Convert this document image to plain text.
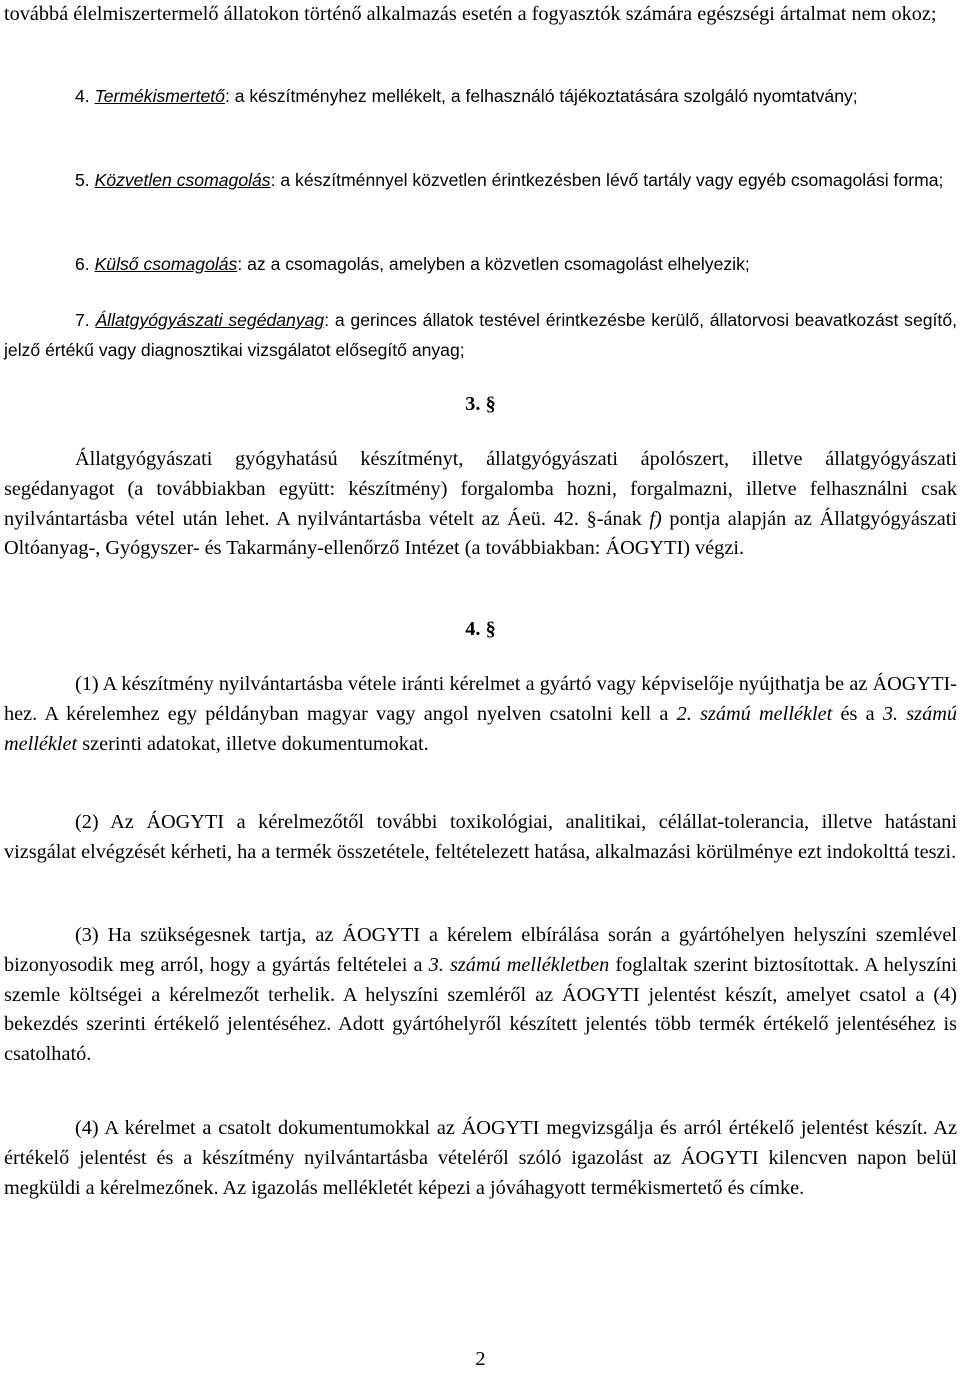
továbbá élelmiszertermelő állatokon történő alkalmazás esetén a fogyasztók számára egészségi ártalmat nem okoz;

4. Termékismertető: a készítményhez mellékelt, a felhasználó tájékoztatására szolgáló nyomtatvány;

5. Közvetlen csomagolás: a készítménnyel közvetlen érintkezésben lévő tartály vagy egyéb csomagolási forma;

6. Külső csomagolás: az a csomagolás, amelyben a közvetlen csomagolást elhelyezik;

7. Állatgyógyászati segédanyag: a gerinces állatok testével érintkezésbe kerülő, állatorvosi beavatkozást segítő, jelző értékű vagy diagnosztikai vizsgálatot elősegítő anyag;

3. §

Állatgyógyászati gyógyhatású készítményt, állatgyógyászati ápolószert, illetve állatgyógyászati segédanyagot (a továbbiakban együtt: készítmény) forgalomba hozni, forgalmazni, illetve felhasználni csak nyilvántartásba vétel után lehet. A nyilvántartásba vételt az Áeü. 42. §-ának f) pontja alapján az Állatgyógyászati Oltóanyag-, Gyógyszer- és Takarmány-ellenőrző Intézet (a továbbiakban: ÁOGYTI) végzi.

4. §

(1) A készítmény nyilvántartásba vétele iránti kérelmet a gyártó vagy képviselője nyújthatja be az ÁOGYTI-hez. A kérelemhez egy példányban magyar vagy angol nyelven csatolni kell a 2. számú melléklet és a 3. számú melléklet szerinti adatokat, illetve dokumentumokat.

(2) Az ÁOGYTI a kérelmezőtől további toxikológiai, analitikai, célállat-tolerancia, illetve hatástani vizsgálat elvégzését kérheti, ha a termék összetétele, feltételezett hatása, alkalmazási körülménye ezt indokolttá teszi.

(3) Ha szükségesnek tartja, az ÁOGYTI a kérelem elbírálása során a gyártóhelyen helyszíni szemlével bizonyosodik meg arról, hogy a gyártás feltételei a 3. számú mellékletben foglaltak szerint biztosítottak. A helyszíni szemle költségei a kérelmezőt terhelik. A helyszíni szemléről az ÁOGYTI jelentést készít, amelyet csatol a (4) bekezdés szerinti értékelő jelentéséhez. Adott gyártóhelyről készített jelentés több termék értékelő jelentéséhez is csatolható.

(4) A kérelmet a csatolt dokumentumokkal az ÁOGYTI megvizsgálja és arról értékelő jelentést készít. Az értékelő jelentést és a készítmény nyilvántartásba vételéről szóló igazolást az ÁOGYTI kilencven napon belül megküldi a kérelmezőnek. Az igazolás mellékletét képezi a jóváhagyott termékismertető és címke.

2
